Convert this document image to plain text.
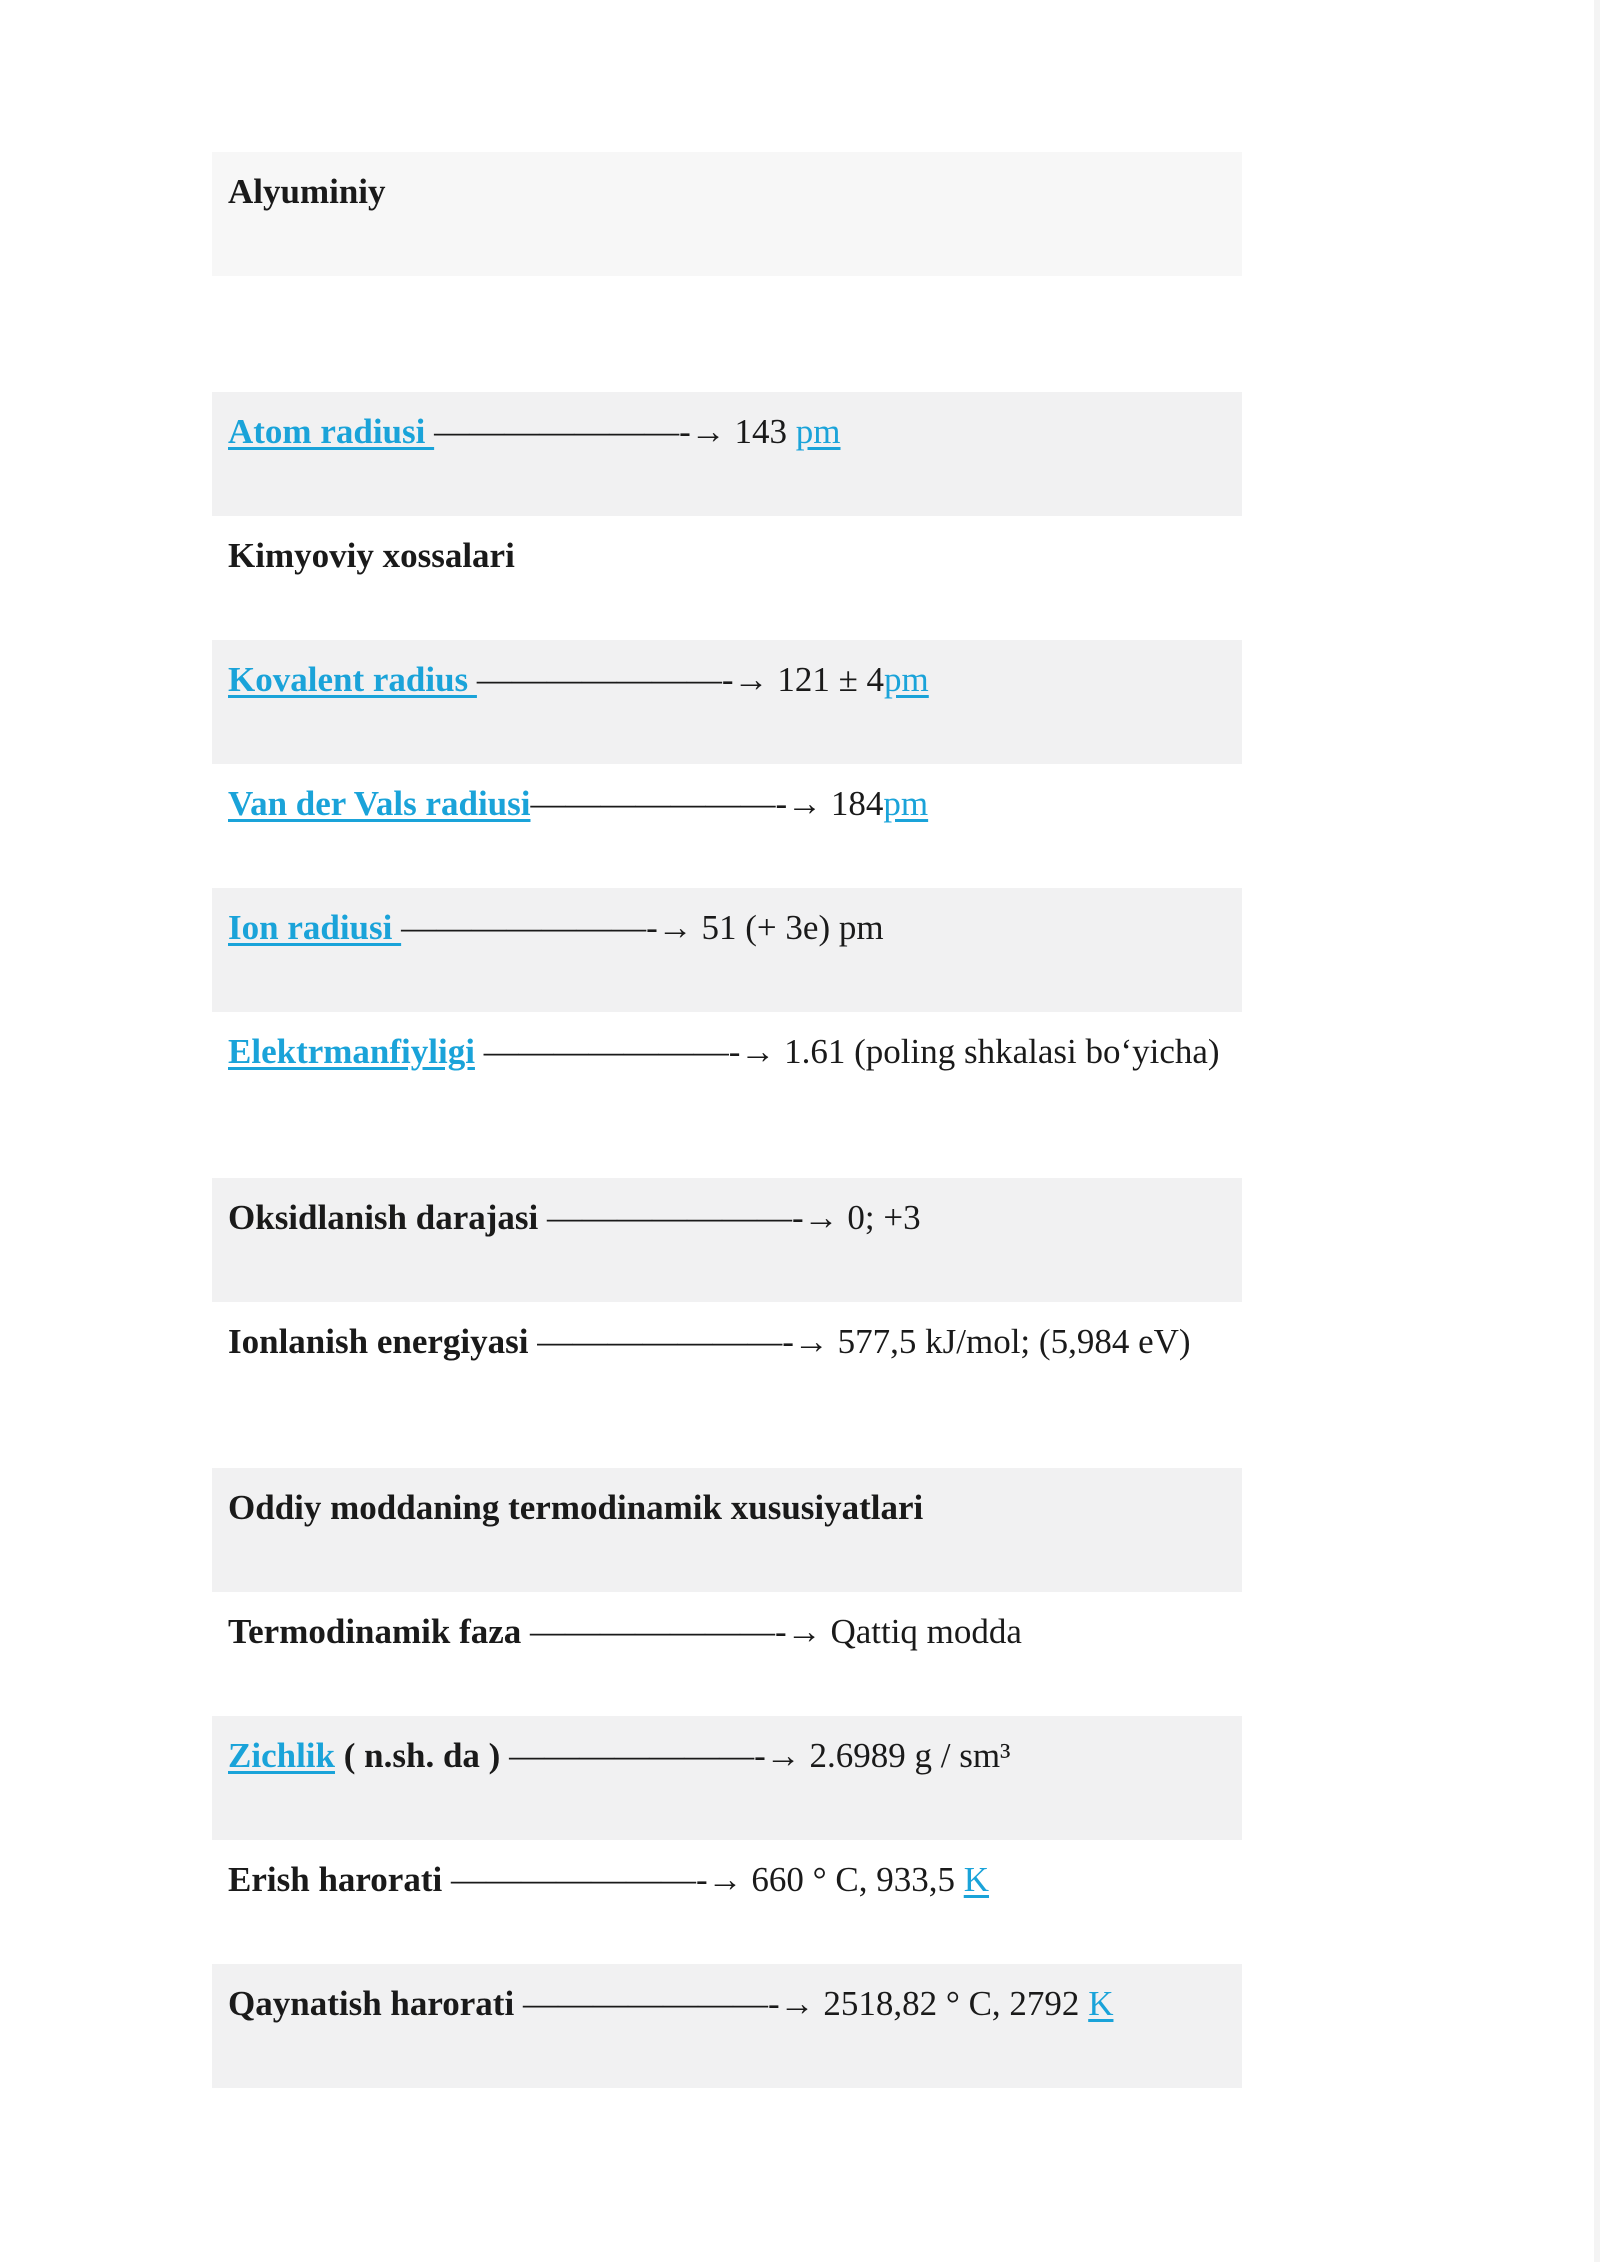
Alyuminiy
Atom radiusi ———————-→ 143 pm
Kimyoviy xossalari
Kovalent radius ———————-→ 121 ± 4pm
Van der Vals radiusi———————-→ 184pm
Ion radiusi ———————-→ 51 (+ 3e) pm
Elektrmanfiyligi ———————-→ 1.61 (poling shkalasi bo‘yicha)
Oksidlanish darajasi ———————-→ 0; +3
Ionlanish energiyasi ———————-→ 577,5 kJ/mol; (5,984 eV)
Oddiy moddaning termodinamik xususiyatlari
Termodinamik faza ———————-→ Qattiq modda
Zichlik ( n.sh. da ) ———————-→ 2.6989 g / sm³
Erish harorati ———————-→ 660 ° C, 933,5 K
Qaynatish harorati ———————-→ 2518,82 ° C, 2792 K
